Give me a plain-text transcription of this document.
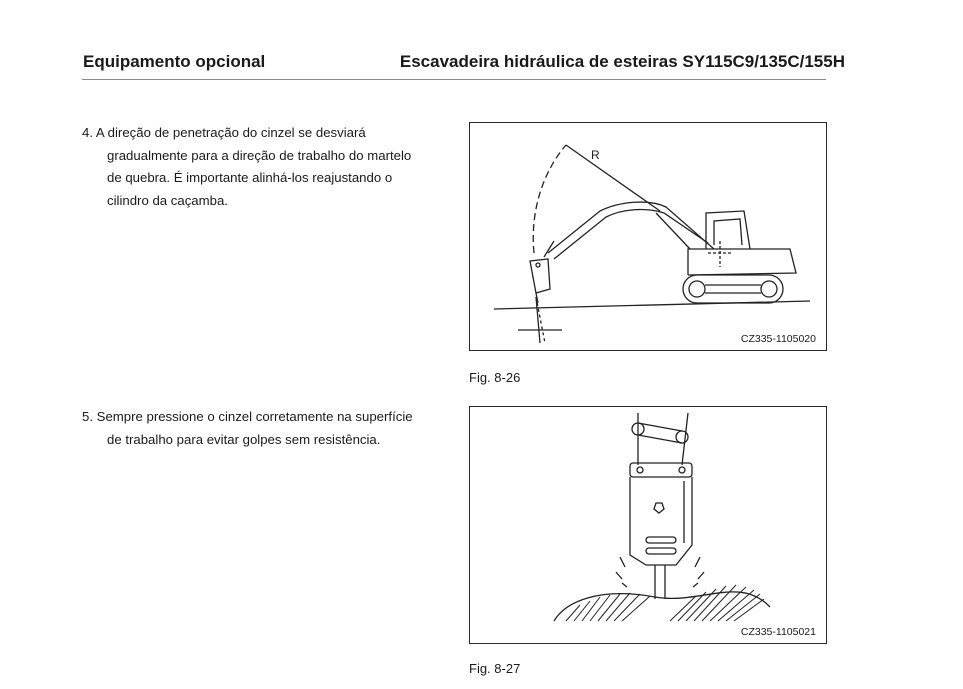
Equipamento opcional	Escavadeira hidráulica de esteiras SY115C9/135C/155H
4. A direção de penetração do cinzel se desviará
gradualmente para a direção de trabalho do martelo
de quebra. É importante alinhá-los reajustando o
cilindro da caçamba.
5. Sempre pressione o cinzel corretamente na superfície
de trabalho para evitar golpes sem resistência.
R
CZ335-1105020
Fig. 8-26
CZ335-1105021
Fig. 8-27
